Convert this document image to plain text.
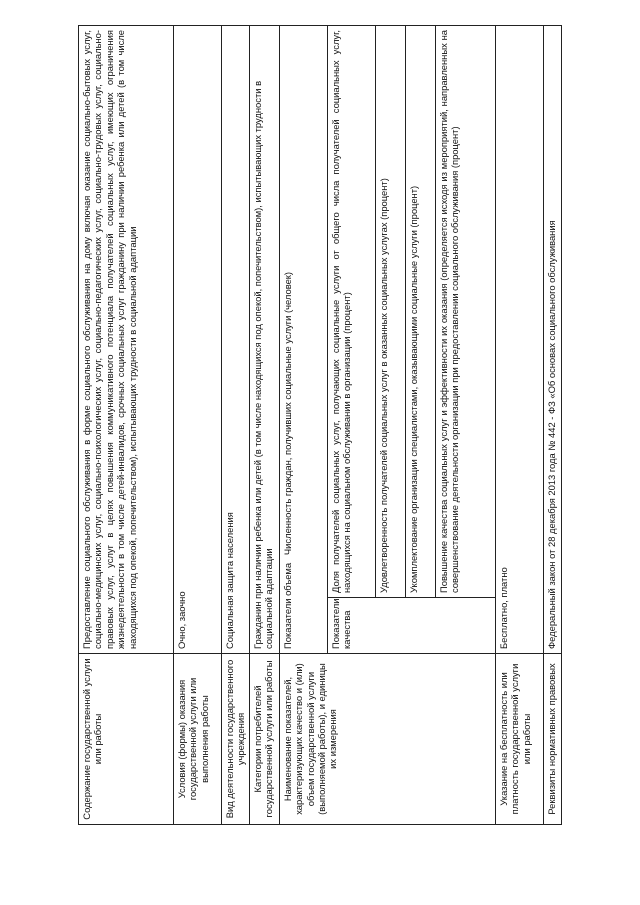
Содержание государственной услуги или работы	Предоставление социального обслуживания в форме социального обслуживания на дому включая оказание социально-бытовых услуг, социально-медицинских услуг, социально-психологических услуг, социально-педагогических услуг, социально-трудовых услуг, социально-правовых услуг, услуг в целях повышения коммуникативного потенциала получателей социальных услуг, имеющих ограничения жизнедеятельности в том числе детей-инвалидов, срочных социальных услуг гражданину при наличии ребенка или детей (в том числе находящихся под опекой, попечительством), испытывающих трудности в социальной адаптации	
Условия (формы) оказания государственной услуги или выполнения работы	Очно, заочно	
Вид деятельности государственного учреждения	Социальная защита населения	
Категории потребителей государственной услуги или работы	Гражданин при наличии ребенка или детей (в том числе находящихся под опекой, попечительством), испытывающих трудности в социальной адаптации	
Наименование показателей, характеризующих качество и (или) объем государственной услуги (выполняемой работы), и единицы их измерения	Показатели объема   Численность граждан, получивших социальные услуги (человек)	
	Показатели качества	Доля получателей социальных услуг, получающих социальные услуги от общего числа получателей социальных услуг, находящихся на социальном обслуживании в организации (процент)
		Удовлетворенность получателей социальных услуг в оказанных социальных услугах (процент)
		Укомплектование организации специалистами, оказывающими социальные услуги (процент)
		Повышение качества социальных услуг и эффективности их оказания (определяется исходя из мероприятий, направленных на совершенствование деятельности организации при предоставлении социального обслуживания (процент)
Указание на бесплатность или платность государственной услуги или работы	Бесплатно, платно	
Реквизиты нормативных правовых	Федеральный закон от 28 декабря 2013 года № 442 - ФЗ «Об основах социального обслуживания	
